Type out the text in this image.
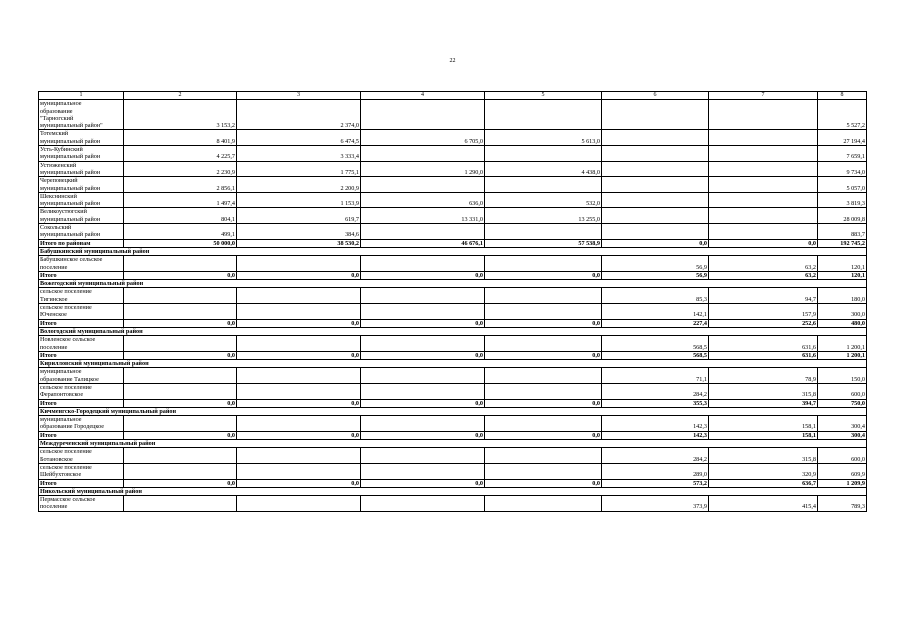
22
1	2	3	4	5	6	7	8

муниципальное
образование
"Тарногский
муниципальный район"	3 153,2	2 374,0					5 527,2

Тотемский
муниципальный район	8 401,9	6 474,5	6 705,0	5 613,0			27 194,4

Усть-Кубинский
муниципальный район	4 225,7	3 333,4					7 659,1

Устюженский
муниципальный район	2 230,9	1 775,1	1 290,0	4 438,0			9 734,0

Череповецкий
муниципальный район	2 856,1	2 200,9					5 057,0

Шекснинский
муниципальный район	1 497,4	1 153,9	636,0	532,0			3 819,3

Великоустюгский
муниципальный район	804,1	619,7	13 331,0	13 255,0			28 009,8

Сокольский
муниципальный район	499,1	384,6					883,7

Итого по районам	50 000,0	38 530,2	46 676,1	57 538,9	0,0	0,0	192 745,2
Бабушкинский муниципальный район							

Бабушкинское сельское
поселение					56,9	63,2	120,1

Итого	0,0	0,0	0,0	0,0	56,9	63,2	120,1
Вожегодский муниципальный район							

сельское поселение
Тигинское					85,3	94,7	180,0

сельское поселение
Юченское					142,1	157,9	300,0

Итого	0,0	0,0	0,0	0,0	227,4	252,6	480,0
Вологодский муниципальный район							

Новленское сельское
поселение					568,5	631,6	1 200,1

Итого	0,0	0,0	0,0	0,0	568,5	631,6	1 200,1
Кирилловский муниципальный район							

муниципальное
образование Талицкое					71,1	78,9	150,0

сельское поселение
Ферапонтовское					284,2	315,8	600,0

Итого	0,0	0,0	0,0	0,0	355,3	394,7	750,0
Кичменгско-Городецкий муниципальный район							

муниципальное
образование Городецкое					142,3	158,1	300,4

Итого	0,0	0,0	0,0	0,0	142,3	158,1	300,4
Междуреченский муниципальный район							

сельское поселение
Ботановское					284,2	315,8	600,0

сельское поселение
Шейбухтовское					289,0	320,9	609,9

Итого	0,0	0,0	0,0	0,0	573,2	636,7	1 209,9
Никольский муниципальный район							

Пермасское сельское
поселение					373,9	415,4	789,3
